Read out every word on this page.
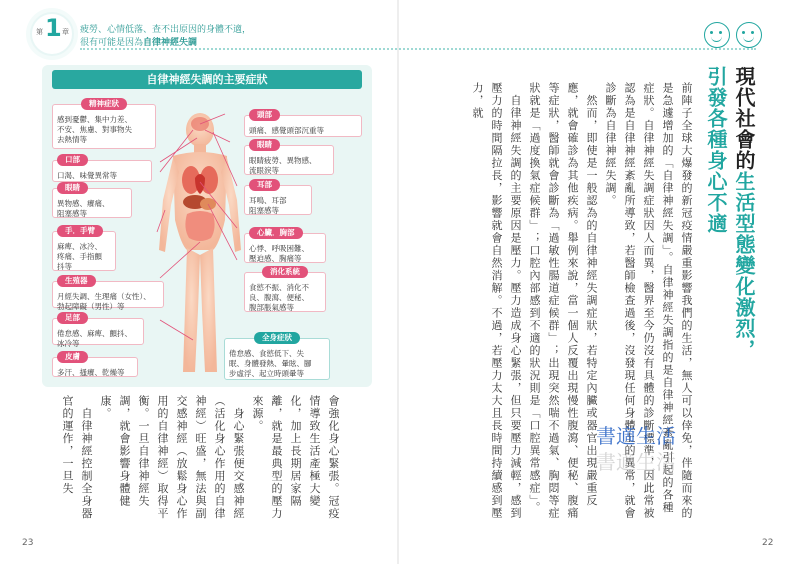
第 1 章 疲勞、心情低落、查不出原因的身體不適，
很有可能是因為自律神經失調
自律神經失調的主要症狀
精神症狀
感到憂鬱、集中力差、
不安、焦慮、對事物失
去熱情等
口部
口渴、味覺異常等
眼睛
異物感、癢痛、
阻塞感等
手．手臂
麻痺、冰冷、
疼痛、手指顫
抖等
生殖器
月經失調、生理痛（女性）、
勃起障礙（男性）等
足部
倦怠感、麻痺、顫抖、
冰冷等
皮膚
多汗、搔癢、乾燥等
頭部
頭痛、感覺頭部沉重等
眼睛
眼睛疲勞、異物感、
流眼淚等
耳部
耳鳴、耳部
阻塞感等
心臟．胸部
心悸、呼吸困難、
壓迫感、胸痛等
消化系統
食慾不振、消化不
良、腹瀉、便秘、
腹部脹氣感等
全身症狀
倦怠感、食慾低下、失
眠、身體發熱、暈眩、腳
步虛浮、起立時頭暈等
會強化身心緊張。冠疫情導致生活產極大變化，加上長期居家隔離，就是最典型的壓力來源。
　身心緊張便交感神經（活化身心作用的自律神經）旺盛，無法與副交感神經（放鬆身心作用的自律神經）取得平衡。一旦自律神經失調，就會影響身體健康。
　自律神經控制全身器官的運作，一旦失
現代社會的生活型態變化激烈，
引發各種身心不適
前陣子全球大爆發的新冠疫情嚴重影響我們的生活，無人可以倖免，伴隨而來的是急遽增加的「自律神經失調」。自律神經失調指的是自律神經紊亂引起的各種症狀。自律神經失調症狀因人而異，醫界至今仍沒有具體的診斷標準，因此常被認為是自律神經紊亂所導致，若醫師檢查過後，沒發現任何身體上的異常，就會診斷為自律神經失調。
　然而，即使是一般認為的自律神經失調症狀，若特定內臟或器官出現嚴重反應，就會確診為其他疾病。舉例來說，當一個人反覆出現慢性腹瀉、便秘、腹痛等症狀，醫師就會診斷為「過敏性腸道症候群」；出現突然喘不過氣、胸悶等症狀就是「過度換氣症候群」；口腔內部感到不適的狀況則是「口腔異常感症」。
　自律神經失調的主要原因是壓力。壓力造成身心緊張，但只要壓力減輕，感到壓力的時間隔拉長，影響就會自然消解。不過，若壓力太大且長時間持續感到壓力，就
書適生活
書適生活
23	22
